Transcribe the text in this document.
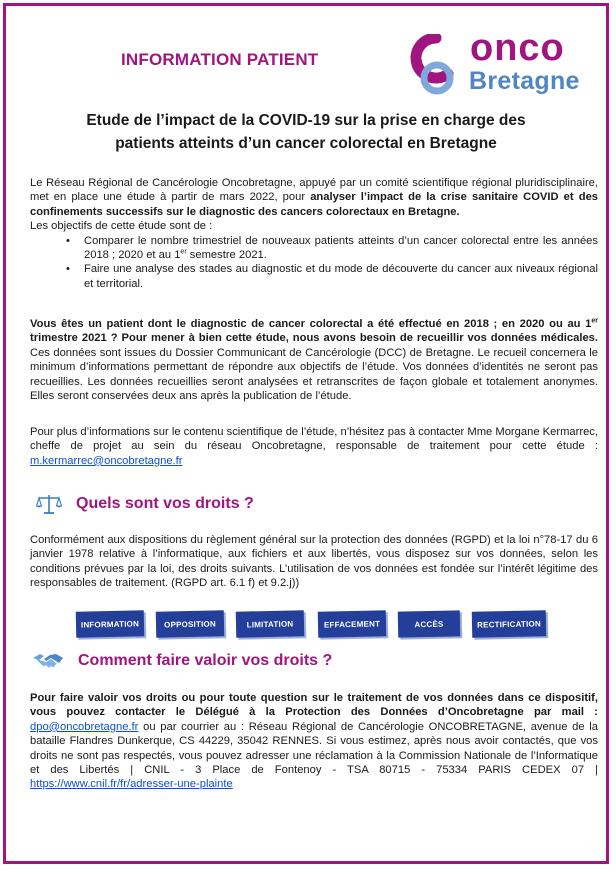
INFORMATION PATIENT	onco
Bretagne
Etude de l’impact de la COVID-19 sur la prise en charge des
patients atteints d’un cancer colorectal en Bretagne

Le Réseau Régional de Cancérologie Oncobretagne, appuyé par un comité scientifique régional pluridisciplinaire, met en place une étude à partir de mars 2022, pour analyser l’impact de la crise sanitaire COVID et des confinements successifs sur le diagnostic des cancers colorectaux en Bretagne.

Les objectifs de cette étude sont de :

• Comparer le nombre trimestriel de nouveaux patients atteints d’un cancer colorectal entre les années 2018 ; 2020 et au 1er semestre 2021.
• Faire une analyse des stades au diagnostic et du mode de découverte du cancer aux niveaux régional et territorial.

Vous êtes un patient dont le diagnostic de cancer colorectal a été effectué en 2018 ; en 2020 ou au 1er trimestre 2021 ? Pour mener à bien cette étude, nous avons besoin de recueillir vos données médicales. Ces données sont issues du Dossier Communicant de Cancérologie (DCC) de Bretagne. Le recueil concernera le minimum d’informations permettant de répondre aux objectifs de l’étude. Vos données d’identités ne seront pas recueillies. Les données recueillies seront analysées et retranscrites de façon globale et totalement anonymes. Elles seront conservées deux ans après la publication de l’étude.

Pour plus d’informations sur le contenu scientifique de l’étude, n’hésitez pas à contacter Mme Morgane Kermarrec, cheffe de projet au sein du réseau Oncobretagne, responsable de traitement pour cette étude : m.kermarrec@oncobretagne.fr

Quels sont vos droits ?

Conformément aux dispositions du règlement général sur la protection des données (RGPD) et la loi n°78-17 du 6 janvier 1978 relative à l’informatique, aux fichiers et aux libertés, vous disposez sur vos données, selon les conditions prévues par la loi, des droits suivants. L’utilisation de vos données est fondée sur l’intérêt légitime des responsables de traitement. (RGPD art. 6.1 f) et 9.2.j))

INFORMATION	OPPOSITION	LIMITATION	EFFACEMENT	ACCÈS	RECTIFICATION
Comment faire valoir vos droits ?

Pour faire valoir vos droits ou pour toute question sur le traitement de vos données dans ce dispositif, vous pouvez contacter le Délégué à la Protection des Données d’Oncobretagne par mail : dpo@oncobretagne.fr ou par courrier au : Réseau Régional de Cancérologie ONCOBRETAGNE, avenue de la bataille Flandres Dunkerque, CS 44229, 35042 RENNES. Si vous estimez, après nous avoir contactés, que vos droits ne sont pas respectés, vous pouvez adresser une réclamation à la Commission Nationale de l’Informatique et des Libertés | CNIL - 3 Place de Fontenoy - TSA 80715 - 75334 PARIS CEDEX 07 | https://www.cnil.fr/fr/adresser-une-plainte
